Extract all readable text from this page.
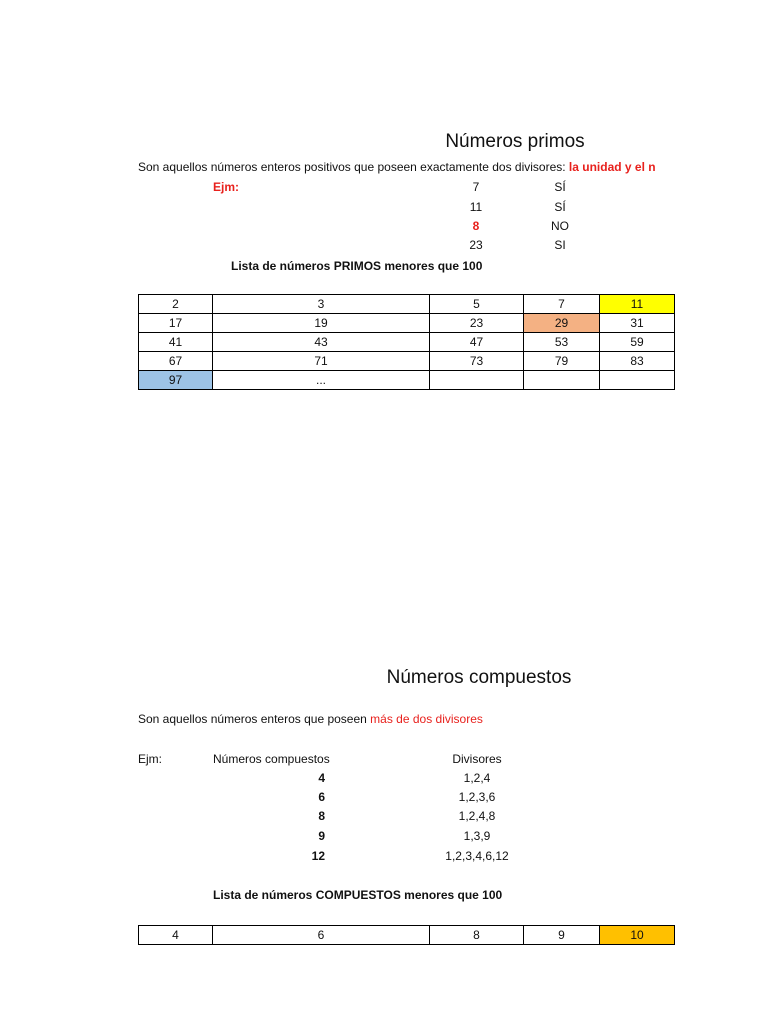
Números primos
Son aquellos números enteros positivos que poseen exactamente dos divisores: la unidad y el n
Ejm:	7	SÍ
11	SÍ
8	NO
23	SI
Lista de números PRIMOS menores que 100
2	3	5	7	11
17	19	23	29	31
41	43	47	53	59
67	71	73	79	83
97	...			
Números compuestos
Son aquellos números enteros que poseen más de dos divisores
Ejm:	Números compuestos	Divisores
4	1,2,4
6	1,2,3,6
8	1,2,4,8
9	1,3,9
12	1,2,3,4,6,12
Lista de números COMPUESTOS menores que 100
4	6	8	9	10
